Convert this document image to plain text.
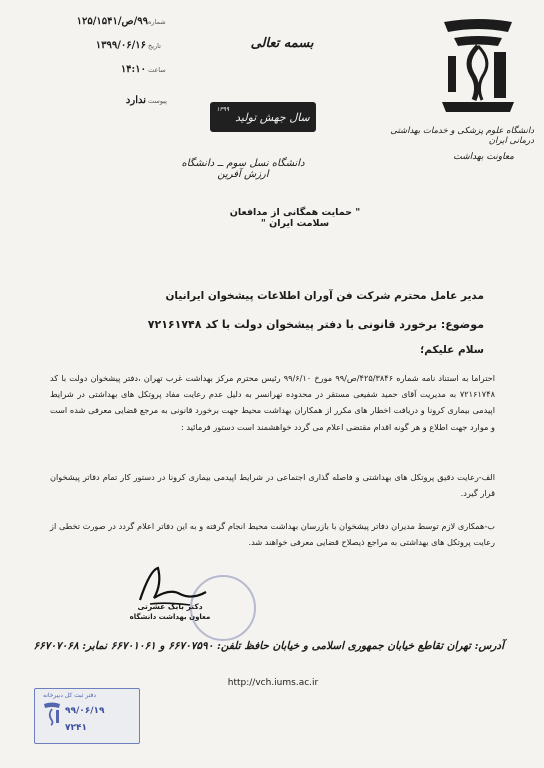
دانشگاه علوم پزشکی و خدمات بهداشتی درمانی ایران
معاونت بهداشت
بسمه تعالی
۹۹/ص/۱۲۵/۱۵۴۱ شماره
۱۳۹۹/۰۶/۱۶ تاریخ
۱۴:۱۰ ساعت
ندارد پیوست
سال جهش تولید
۱۳۹۹
دانشگاه نسل سوم ــ دانشگاه ارزش آفرین
" حمایت همگانی از مدافعان سلامت ایران "
مدیر عامل محترم شرکت فن آوران اطلاعات پیشخوان ایرانیان
موضوع: برخورد قانونی با دفتر پیشخوان دولت با کد ۷۲۱۶۱۷۴۸
سلام علیکم؛
احتراما به استناد نامه شماره ۴۲۵/۳۸۴۶/ص/۹۹ مورخ ۹۹/۶/۱۰ رئیس محترم مرکز بهداشت غرب تهران ،دفتر پیشخوان دولت با کد ۷۲۱۶۱۷۴۸ به مدیریت آقای حمید شفیعی مستقر در محدوده تهرانسر به دلیل عدم رعایت مفاد پروتکل های بهداشتی در شرایط اپیدمی بیماری کرونا و دریافت اخطار های مکرر از همکاران بهداشت محیط جهت برخورد قانونی به مرجع قضایی معرفی شده است و موارد جهت اطلاع و هر گونه اقدام مقتضی اعلام می گردد خواهشمند است دستور فرمائید :
الف-رعایت دقیق پروتکل های بهداشتی و فاصله گذاری اجتماعی در شرایط اپیدمی بیماری کرونا در دستور کار تمام دفاتر پیشخوان قرار گیرد.
ب-همکاری لازم توسط مدیران دفاتر پیشخوان با بازرسان بهداشت محیط انجام گرفته و به این دفاتر اعلام گردد در صورت تخطی از رعایت پروتکل های بهداشتی به مراجع ذیصلاح قضایی معرفی خواهند شد.
دکتر بابک عشرتی
معاون بهداشت دانشگاه
آدرس: تهران تقاطع خیابان جمهوری اسلامی و خیابان حافظ تلفن: ۶۶۷۰۷۵۹۰ و ۶۶۷۰۱۰۶۱ نمابر: ۶۶۷۰۷۰۶۸
http://vch.iums.ac.ir
دفتر ثبت کل دبیرخانه
۹۹/۰۶/۱۹
۷۲۴۱
